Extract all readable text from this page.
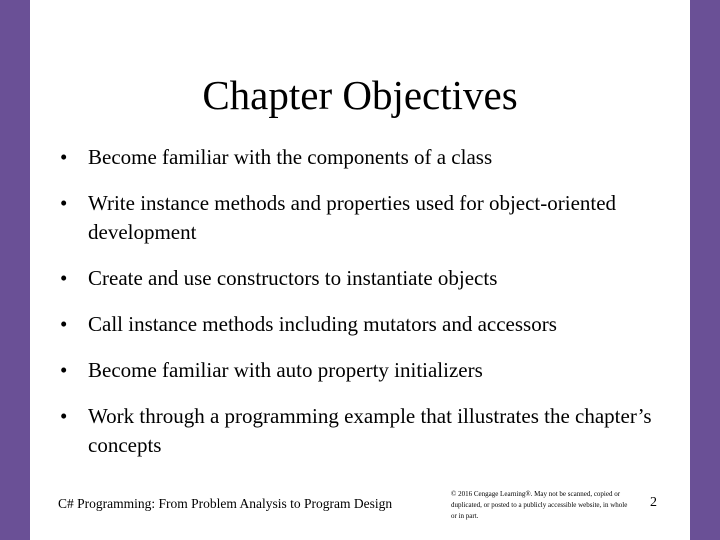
Chapter Objectives
• Become familiar with the components of a class
• Write instance methods and properties used for object-oriented development
• Create and use constructors to instantiate objects
• Call instance methods including mutators and accessors
• Become familiar with auto property initializers
• Work through a programming example that illustrates the chapter’s concepts
C# Programming: From Problem Analysis to Program Design
© 2016 Cengage Learning®. May not be scanned, copied or duplicated, or posted to a publicly accessible website, in whole or in part.
2
